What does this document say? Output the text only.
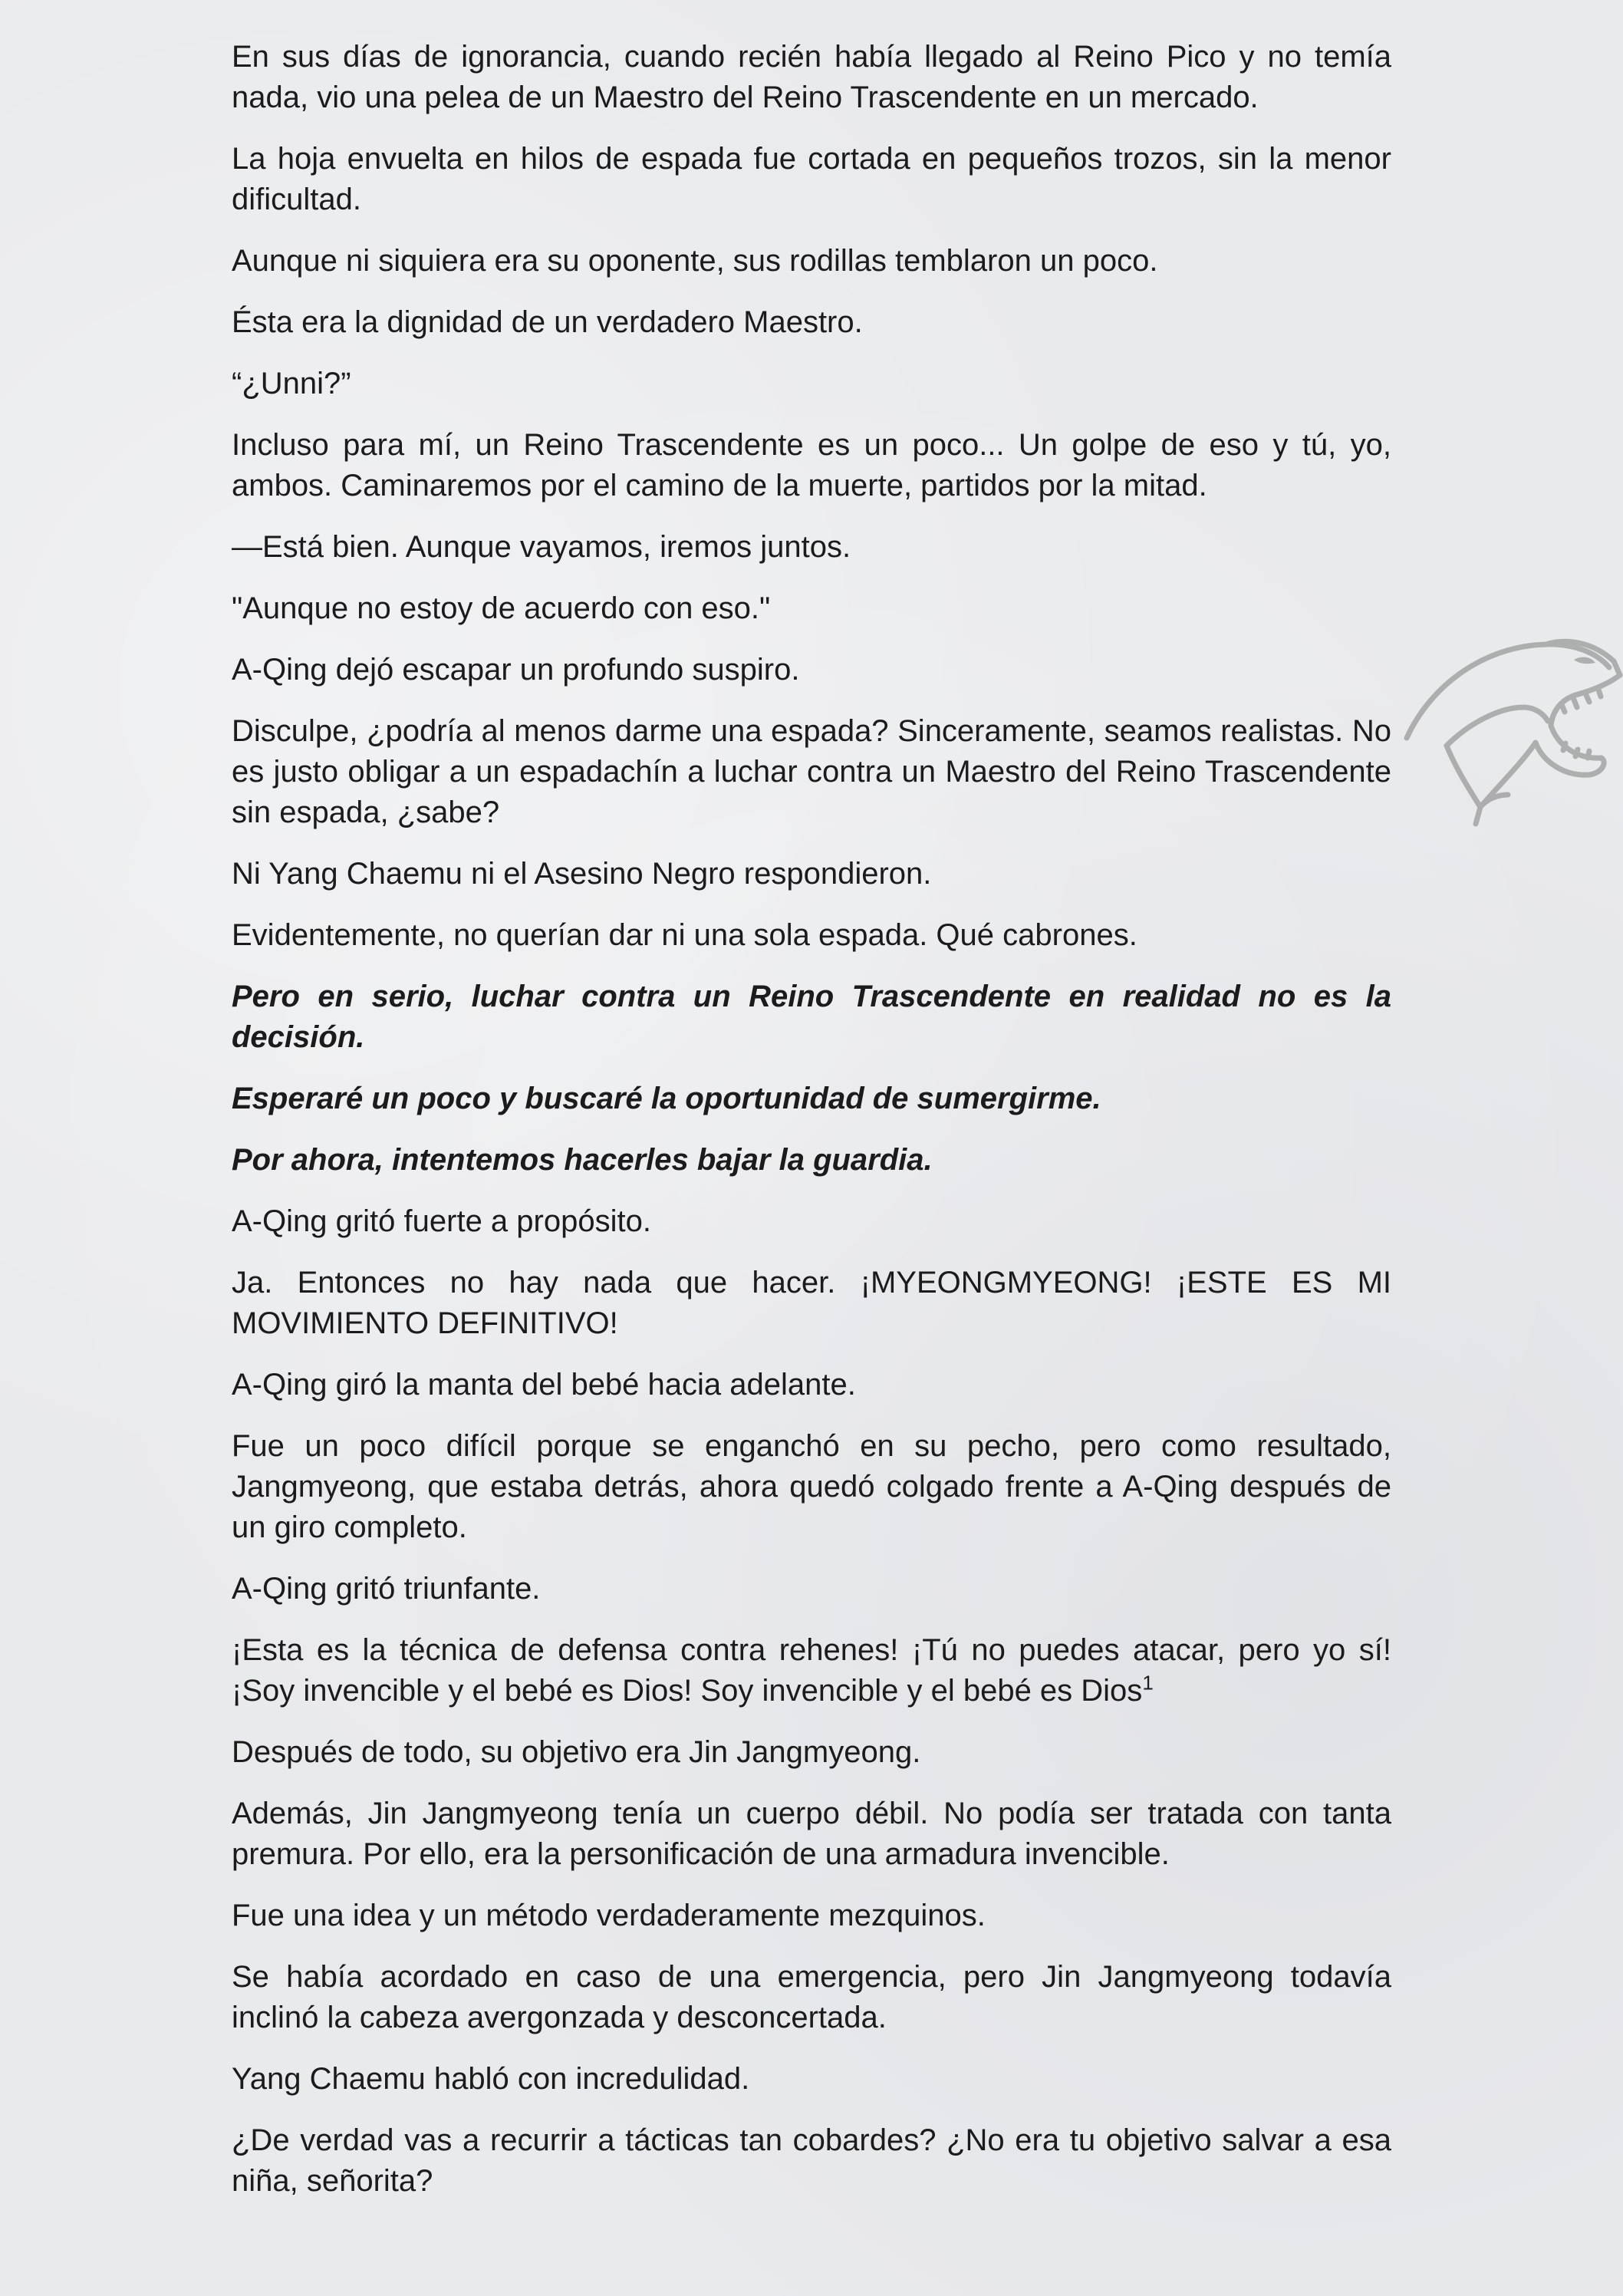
En sus días de ignorancia, cuando recién había llegado al Reino Pico y no temía nada, vio una pelea de un Maestro del Reino Trascendente en un mercado.

La hoja envuelta en hilos de espada fue cortada en pequeños trozos, sin la menor dificultad.

Aunque ni siquiera era su oponente, sus rodillas temblaron un poco.

Ésta era la dignidad de un verdadero Maestro.

“¿Unni?”

Incluso para mí, un Reino Trascendente es un poco... Un golpe de eso y tú, yo, ambos. Caminaremos por el camino de la muerte, partidos por la mitad.

—Está bien. Aunque vayamos, iremos juntos.

"Aunque no estoy de acuerdo con eso."

A-Qing dejó escapar un profundo suspiro.

Disculpe, ¿podría al menos darme una espada? Sinceramente, seamos realistas. No es justo obligar a un espadachín a luchar contra un Maestro del Reino Trascendente sin espada, ¿sabe?

Ni Yang Chaemu ni el Asesino Negro respondieron.

Evidentemente, no querían dar ni una sola espada. Qué cabrones.

Pero en serio, luchar contra un Reino Trascendente en realidad no es la decisión.

Esperaré un poco y buscaré la oportunidad de sumergirme.

Por ahora, intentemos hacerles bajar la guardia.

A-Qing gritó fuerte a propósito.

Ja. Entonces no hay nada que hacer. ¡MYEONGMYEONG! ¡ESTE ES MI MOVIMIENTO DEFINITIVO!

A-Qing giró la manta del bebé hacia adelante.

Fue un poco difícil porque se enganchó en su pecho, pero como resultado, Jangmyeong, que estaba detrás, ahora quedó colgado frente a A-Qing después de un giro completo.

A-Qing gritó triunfante.

¡Esta es la técnica de defensa contra rehenes! ¡Tú no puedes atacar, pero yo sí! ¡Soy invencible y el bebé es Dios! Soy invencible y el bebé es Dios$^1$

Después de todo, su objetivo era Jin Jangmyeong.

Además, Jin Jangmyeong tenía un cuerpo débil. No podía ser tratada con tanta premura. Por ello, era la personificación de una armadura invencible.

Fue una idea y un método verdaderamente mezquinos.

Se había acordado en caso de una emergencia, pero Jin Jangmyeong todavía inclinó la cabeza avergonzada y desconcertada.

Yang Chaemu habló con incredulidad.

¿De verdad vas a recurrir a tácticas tan cobardes? ¿No era tu objetivo salvar a esa niña, señorita?
